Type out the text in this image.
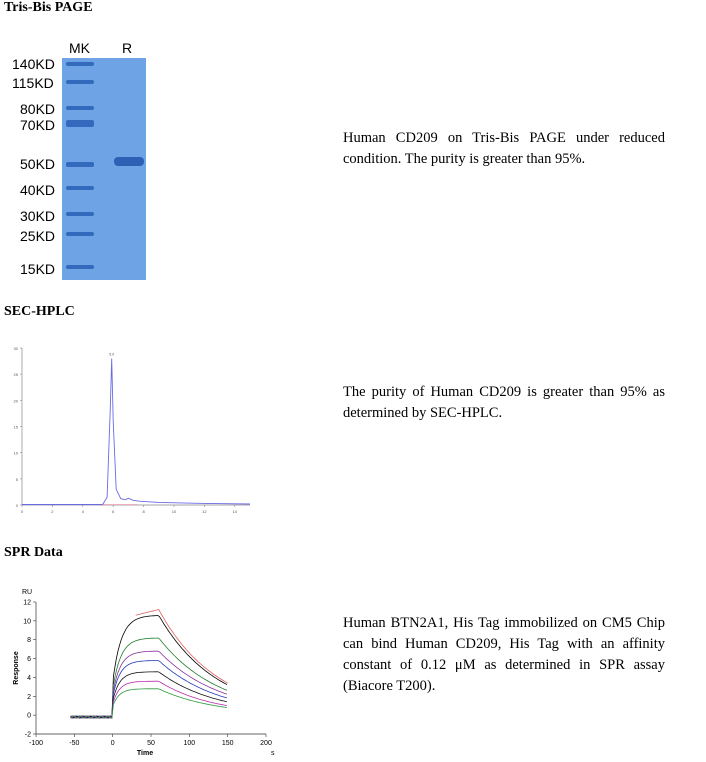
Tris-Bis PAGE
MK R
140KD
115KD
80KD
70KD
50KD
40KD
30KD
25KD
15KD
Human CD209 on Tris-Bis PAGE under reduced condition. The purity is greater than 95%.
SEC-HPLC
0
5
10
15
20
25
30
0	2	4	6	8	10	12	14
5.9
The purity of Human CD209 is greater than 95% as determined by SEC-HPLC.
SPR Data
-2
0
2
4
6
8
10
12
-100	-50	0	50	100	150	200
RU
Time	s
Response
Human BTN2A1, His Tag immobilized on CM5 Chip can bind Human CD209, His Tag with an affinity constant of 0.12 μM as determined in SPR assay (Biacore T200).
